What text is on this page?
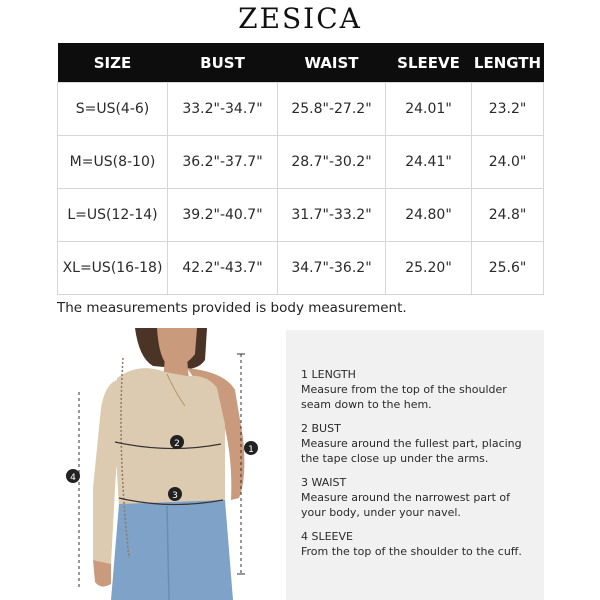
ZESICA
SIZE	BUST	WAIST	SLEEVE	LENGTH
S=US(4-6)	33.2"-34.7"	25.8"-27.2"	24.01"	23.2"
M=US(8-10)	36.2"-37.7"	28.7"-30.2"	24.41"	24.0"
L=US(12-14)	39.2"-40.7"	31.7"-33.2"	24.80"	24.8"
XL=US(16-18)	42.2"-43.7"	34.7"-36.2"	25.20"	25.6"
The measurements provided is body measurement.
2
1
3
4
1 LENGTH
Measure from the top of the shoulder seam down to the hem.
2 BUST
Measure around the fullest part, placing the tape close up under the arms.
3 WAIST
Measure around the narrowest part of your body, under your navel.
4 SLEEVE
From the top of the shoulder to the cuff.
